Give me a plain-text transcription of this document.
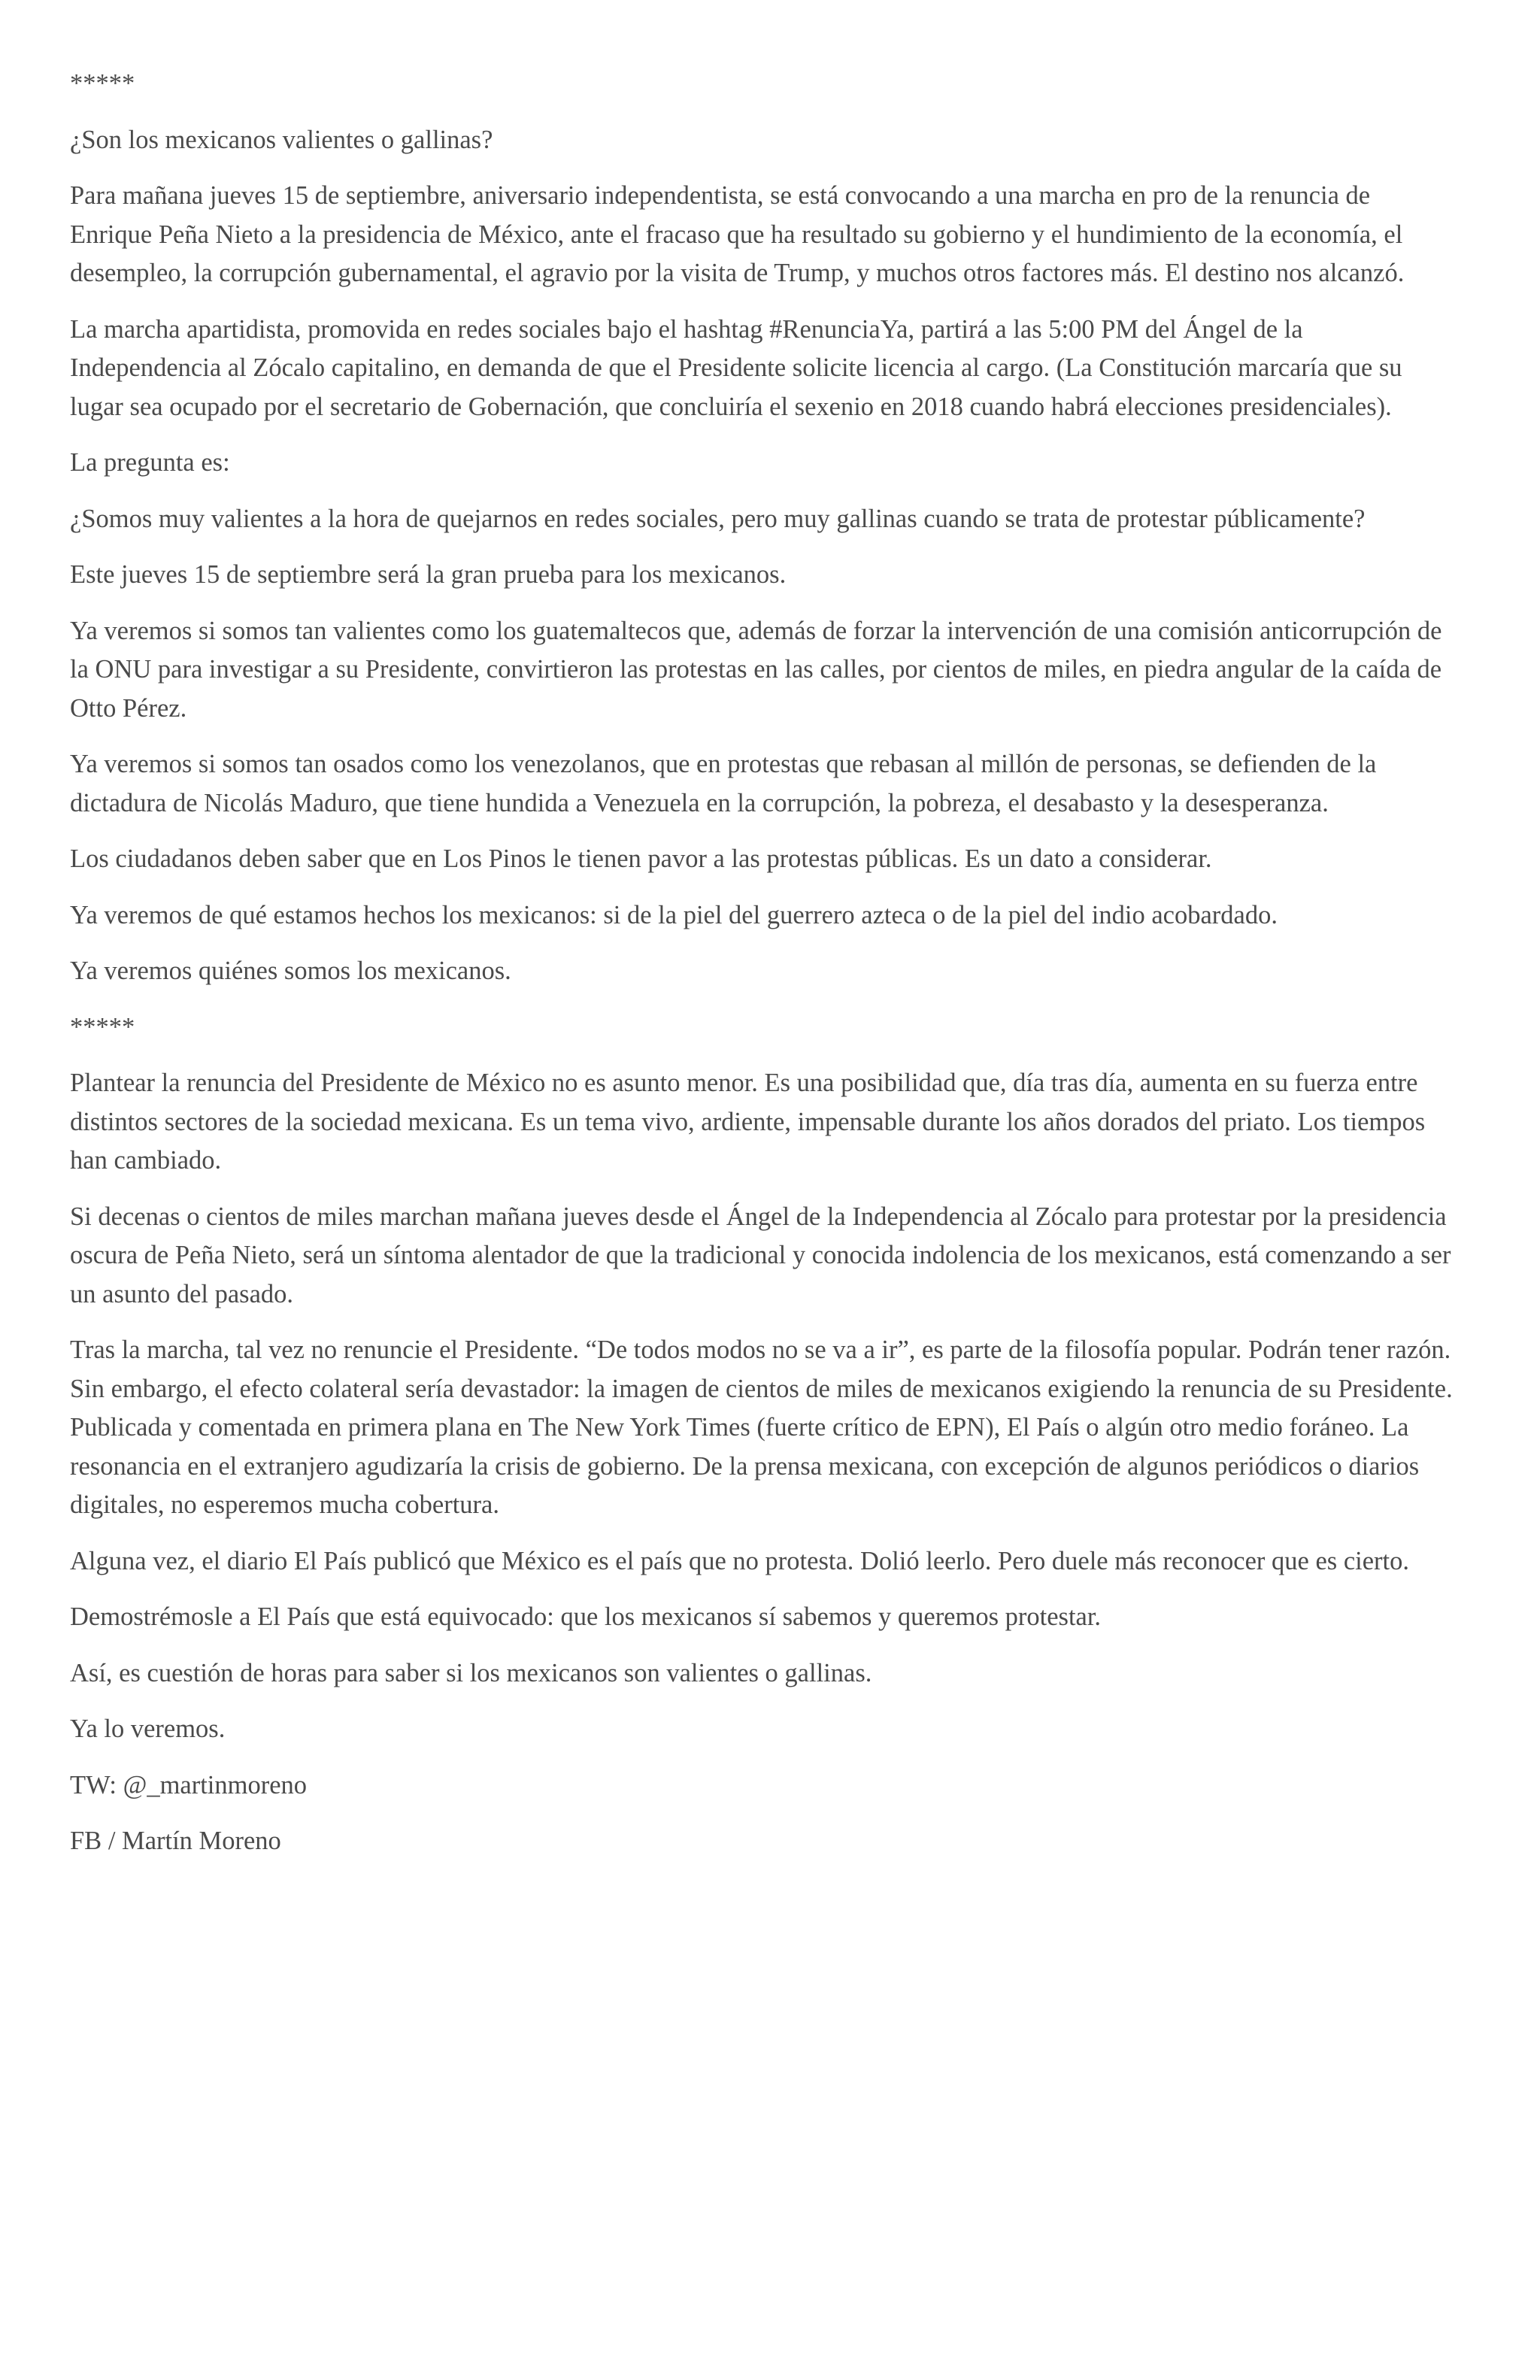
*****

¿Son los mexicanos valientes o gallinas?

Para mañana jueves 15 de septiembre, aniversario independentista, se está convocando a una marcha en pro de la renuncia de Enrique Peña Nieto a la presidencia de México, ante el fracaso que ha resultado su gobierno y el hundimiento de la economía, el desempleo, la corrupción gubernamental, el agravio por la visita de Trump, y muchos otros factores más. El destino nos alcanzó.

La marcha apartidista, promovida en redes sociales bajo el hashtag #RenunciaYa, partirá a las 5:00 PM del Ángel de la Independencia al Zócalo capitalino, en demanda de que el Presidente solicite licencia al cargo. (La Constitución marcaría que su lugar sea ocupado por el secretario de Gobernación, que concluiría el sexenio en 2018 cuando habrá elecciones presidenciales).

La pregunta es:

¿Somos muy valientes a la hora de quejarnos en redes sociales, pero muy gallinas cuando se trata de protestar públicamente?

Este jueves 15 de septiembre será la gran prueba para los mexicanos.

Ya veremos si somos tan valientes como los guatemaltecos que, además de forzar la intervención de una comisión anticorrupción de la ONU para investigar a su Presidente, convirtieron las protestas en las calles, por cientos de miles, en piedra angular de la caída de Otto Pérez.

Ya veremos si somos tan osados como los venezolanos, que en protestas que rebasan al millón de personas, se defienden de la dictadura de Nicolás Maduro, que tiene hundida a Venezuela en la corrupción, la pobreza, el desabasto y la desesperanza.

Los ciudadanos deben saber que en Los Pinos le tienen pavor a las protestas públicas. Es un dato a considerar.

Ya veremos de qué estamos hechos los mexicanos: si de la piel del guerrero azteca o de la piel del indio acobardado.

Ya veremos quiénes somos los mexicanos.

*****

Plantear la renuncia del Presidente de México no es asunto menor. Es una posibilidad que, día tras día, aumenta en su fuerza entre distintos sectores de la sociedad mexicana. Es un tema vivo, ardiente, impensable durante los años dorados del priato. Los tiempos han cambiado.

Si decenas o cientos de miles marchan mañana jueves desde el Ángel de la Independencia al Zócalo para protestar por la presidencia oscura de Peña Nieto, será un síntoma alentador de que la tradicional y conocida indolencia de los mexicanos, está comenzando a ser un asunto del pasado.

Tras la marcha, tal vez no renuncie el Presidente. “De todos modos no se va a ir”, es parte de la filosofía popular. Podrán tener razón. Sin embargo, el efecto colateral sería devastador: la imagen de cientos de miles de mexicanos exigiendo la renuncia de su Presidente. Publicada y comentada en primera plana en The New York Times (fuerte crítico de EPN), El País o algún otro medio foráneo. La resonancia en el extranjero agudizaría la crisis de gobierno. De la prensa mexicana, con excepción de algunos periódicos o diarios digitales, no esperemos mucha cobertura.

Alguna vez, el diario El País publicó que México es el país que no protesta. Dolió leerlo. Pero duele más reconocer que es cierto.

Demostrémosle a El País que está equivocado: que los mexicanos sí sabemos y queremos protestar.

Así, es cuestión de horas para saber si los mexicanos son valientes o gallinas.

Ya lo veremos.

TW: @_martinmoreno

FB / Martín Moreno
